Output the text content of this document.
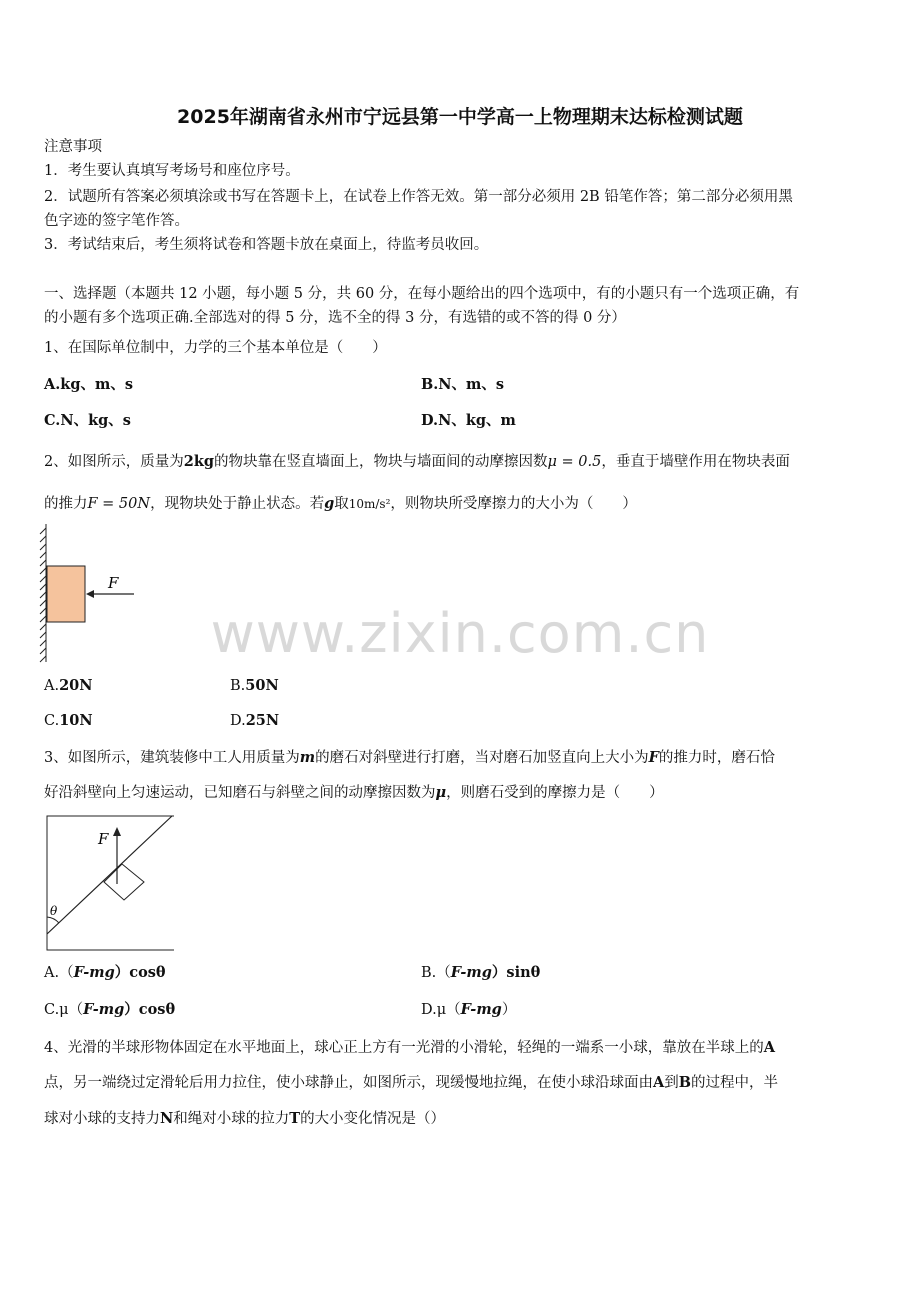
2025年湖南省永州市宁远县第一中学高一上物理期末达标检测试题
注意事项
1．考生要认真填写考场号和座位序号。
2．试题所有答案必须填涂或书写在答题卡上，在试卷上作答无效。第一部分必须用 2B 铅笔作答；第二部分必须用黑
色字迹的签字笔作答。
3．考试结束后，考生须将试卷和答题卡放在桌面上，待监考员收回。
一、选择题（本题共 12 小题，每小题 5 分，共 60 分，在每小题给出的四个选项中，有的小题只有一个选项正确，有
的小题有多个选项正确.全部选对的得 5 分，选不全的得 3 分，有选错的或不答的得 0 分）
1、在国际单位制中，力学的三个基本单位是（　　）
A.kg、m、s	B.N、m、s
C.N、kg、s	D.N、kg、m
2、如图所示，质量为2kg的物块靠在竖直墙面上，物块与墙面间的动摩擦因数μ = 0.5，垂直于墙壁作用在物块表面
的推力F = 50N，现物块处于静止状态。若g取10m/s²，则物块所受摩擦力的大小为（　　）
F
A.20N	B.50N
C.10N	D.25N
3、如图所示，建筑装修中工人用质量为m的磨石对斜壁进行打磨，当对磨石加竖直向上大小为F的推力时，磨石恰
好沿斜壁向上匀速运动，已知磨石与斜壁之间的动摩擦因数为μ，则磨石受到的摩擦力是（　　）
F
θ
A.（F-mg）cosθ	B.（F-mg）sinθ
C.μ（F-mg）cosθ	D.μ（F-mg）
4、光滑的半球形物体固定在水平地面上，球心正上方有一光滑的小滑轮，轻绳的一端系一小球，靠放在半球上的A
点，另一端绕过定滑轮后用力拉住，使小球静止，如图所示，现缓慢地拉绳，在使小球沿球面由A到B的过程中，半
球对小球的支持力N和绳对小球的拉力T的大小变化情况是（）
www.zixin.com.cn
